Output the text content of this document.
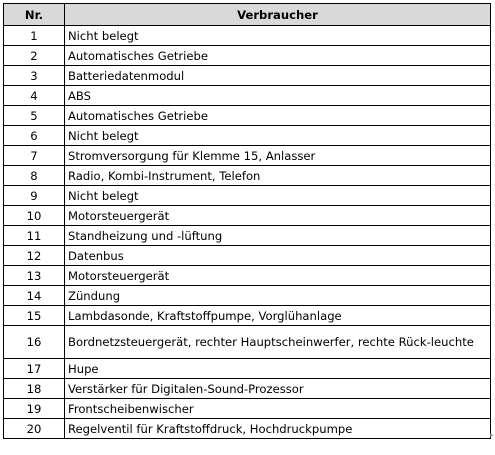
Nr.	Verbraucher
1	Nicht belegt
2	Automatisches Getriebe
3	Batteriedatenmodul
4	ABS
5	Automatisches Getriebe
6	Nicht belegt
7	Stromversorgung für Klemme 15, Anlasser
8	Radio, Kombi-Instrument, Telefon
9	Nicht belegt
10	Motorsteuergerät
11	Standheizung und -lüftung
12	Datenbus
13	Motorsteuergerät
14	Zündung
15	Lambdasonde, Kraftstoffpumpe, Vorglühanlage
16	Bordnetzsteuergerät, rechter Hauptscheinwerfer, rechte Rück-leuchte
17	Hupe
18	Verstärker für Digitalen-Sound-Prozessor
19	Frontscheibenwischer
20	Regelventil für Kraftstoffdruck, Hochdruckpumpe	▸
